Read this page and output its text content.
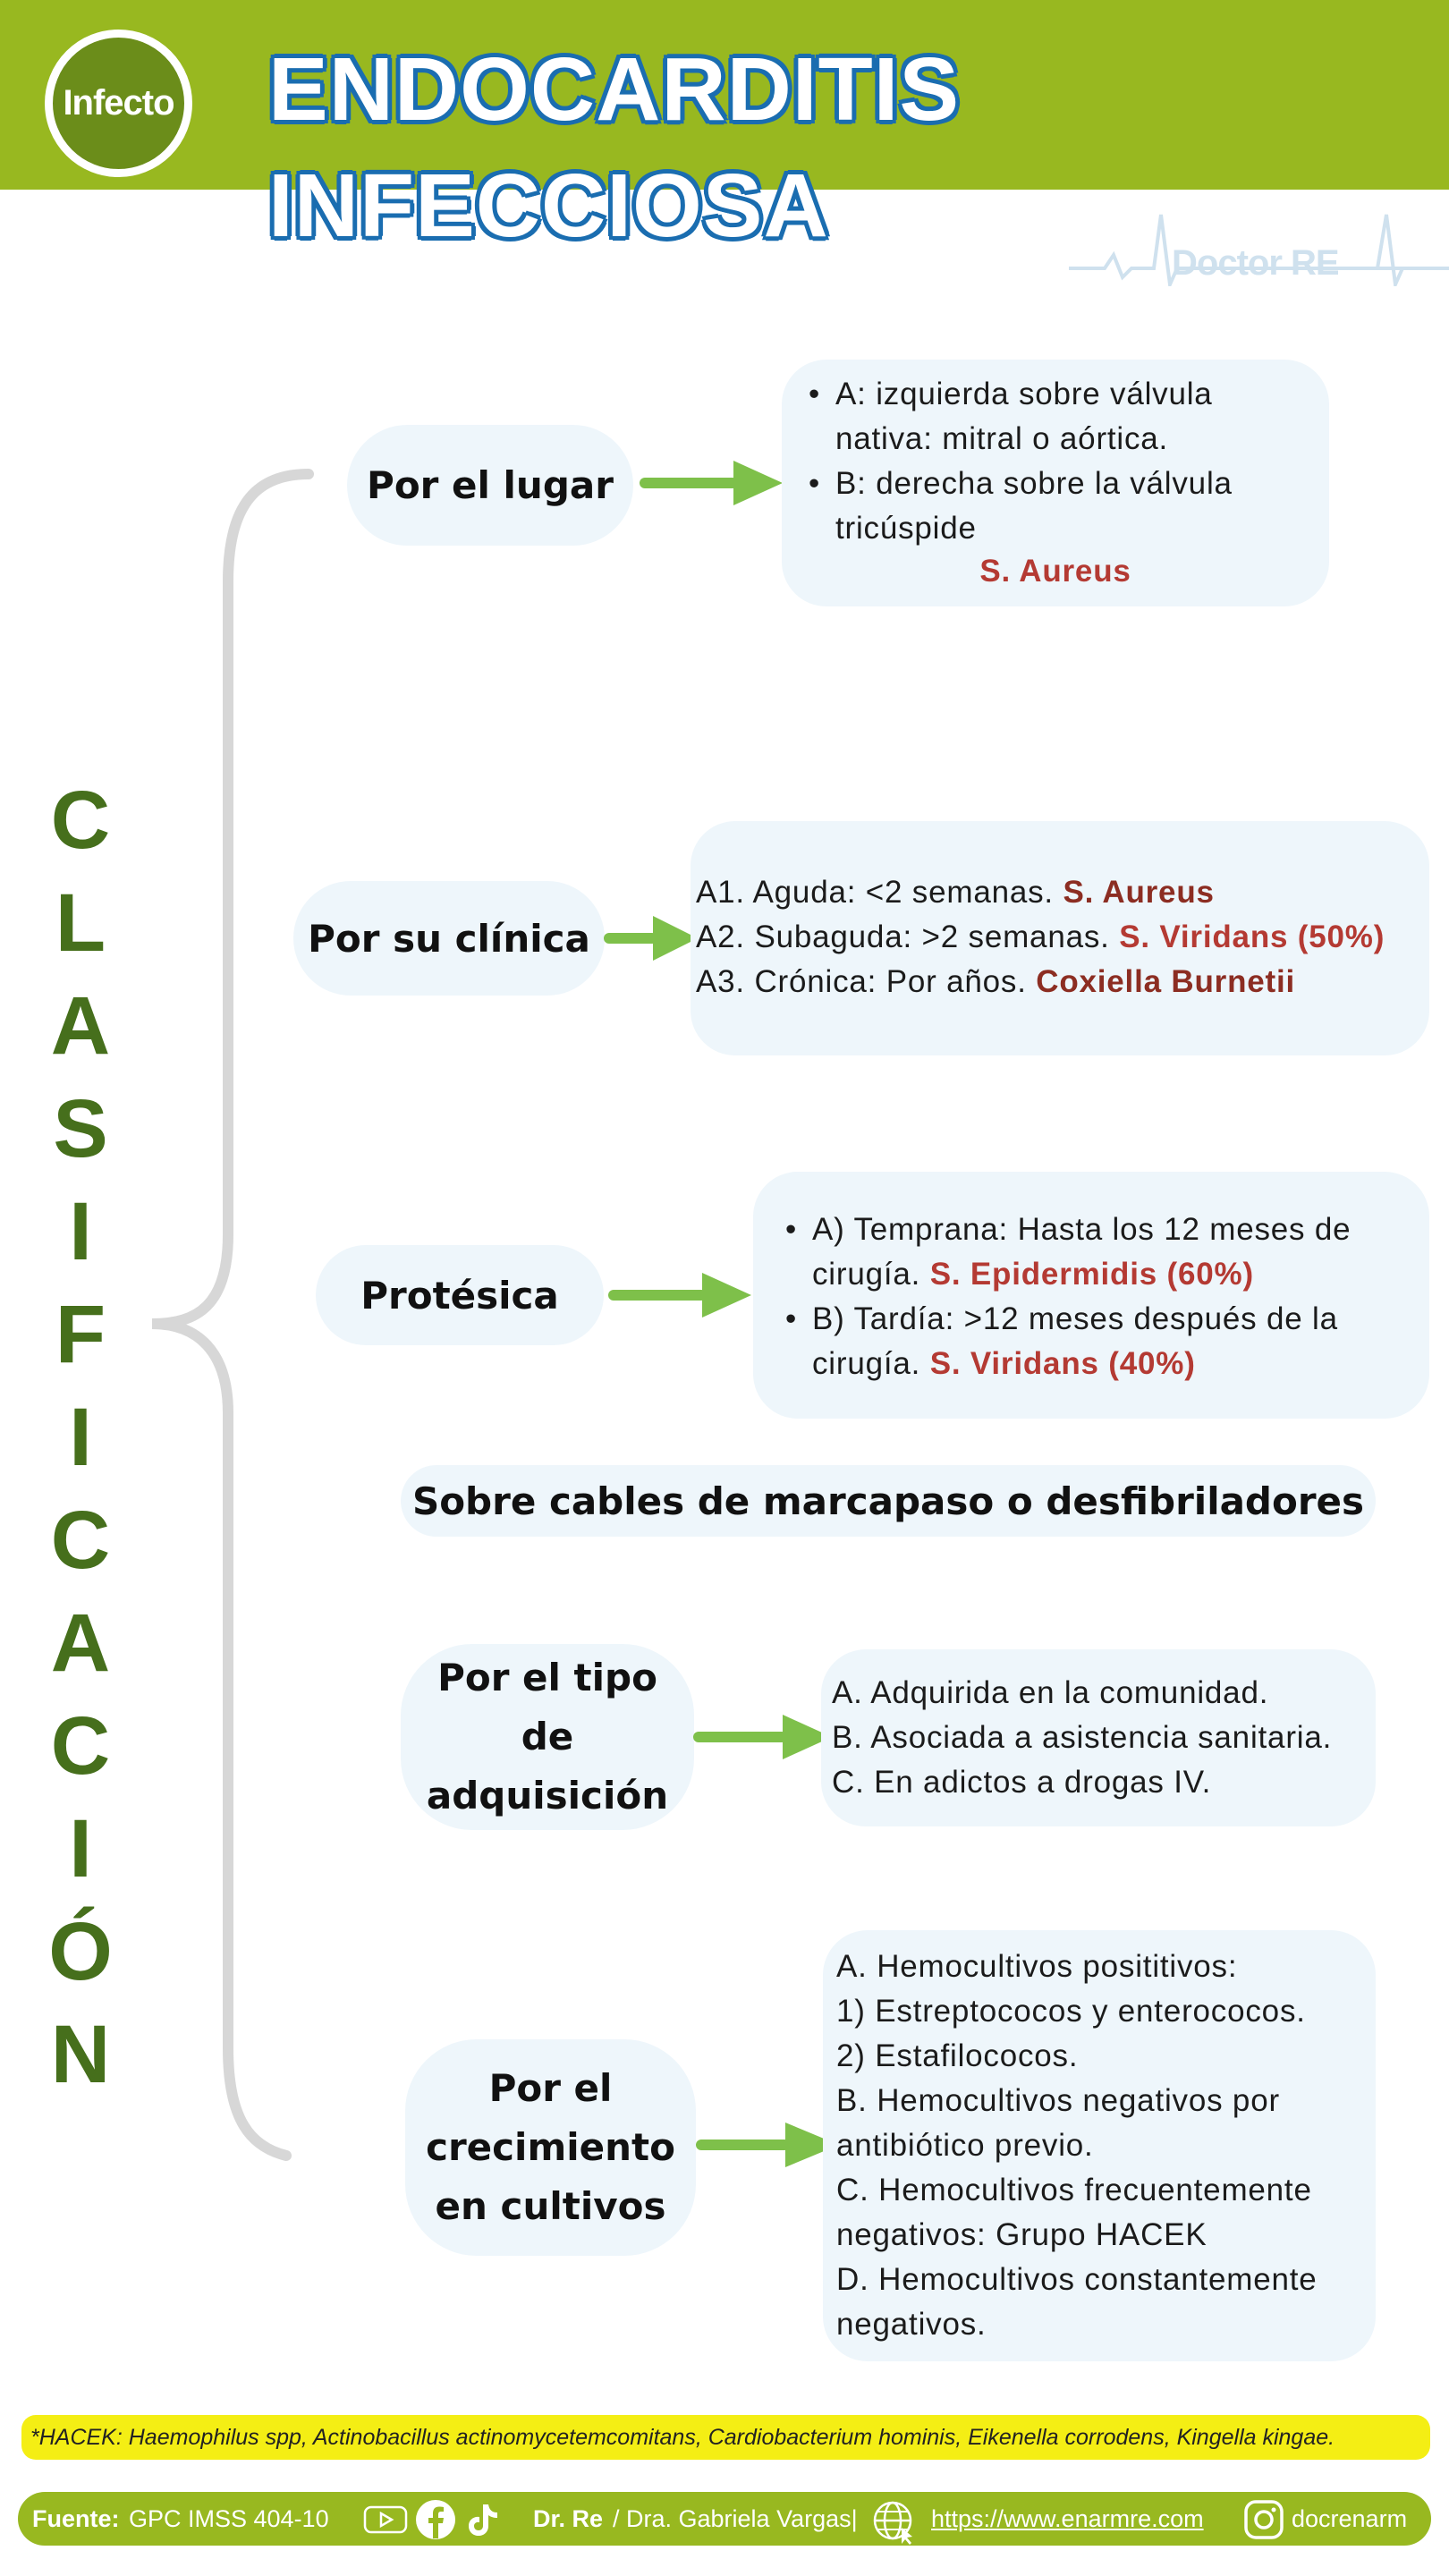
Infecto ENDOCARDITIS INFECCIOSA
Doctor RE
C
L
A
S
I
F
I
C
A
C
I
Ó
N
Por el lugar
• A: izquierda sobre válvula nativa: mitral o aórtica.
• B: derecha sobre la válvula tricúspide
S. Aureus
Por su clínica
A1. Aguda: <2 semanas. S. Aureus
A2. Subaguda: >2 semanas. S. Viridans (50%)
A3. Crónica: Por años. Coxiella Burnetii
Protésica
• A) Temprana: Hasta los 12 meses de cirugía. S. Epidermidis (60%)
• B) Tardía: >12 meses después de la cirugía. S. Viridans (40%)
Sobre cables de marcapaso o desfibriladores
Por el tipo de adquisición
A. Adquirida en la comunidad.
B. Asociada a asistencia sanitaria.
C. En adictos a drogas IV.
Por el crecimiento en cultivos
A. Hemocultivos posititivos:
1) Estreptococos y enterococos.
2) Estafilococos.
B. Hemocultivos negativos por antibiótico previo.
C. Hemocultivos frecuentemente negativos: Grupo HACEK
D. Hemocultivos constantemente negativos.
*HACEK: Haemophilus spp, Actinobacillus actinomycetemcomitans, Cardiobacterium hominis, Eikenella corrodens, Kingella kingae.
Fuente: GPC IMSS 404-10	Dr. Re / Dra. Gabriela Vargas|	https://www.enarmre.com	docrenarm
